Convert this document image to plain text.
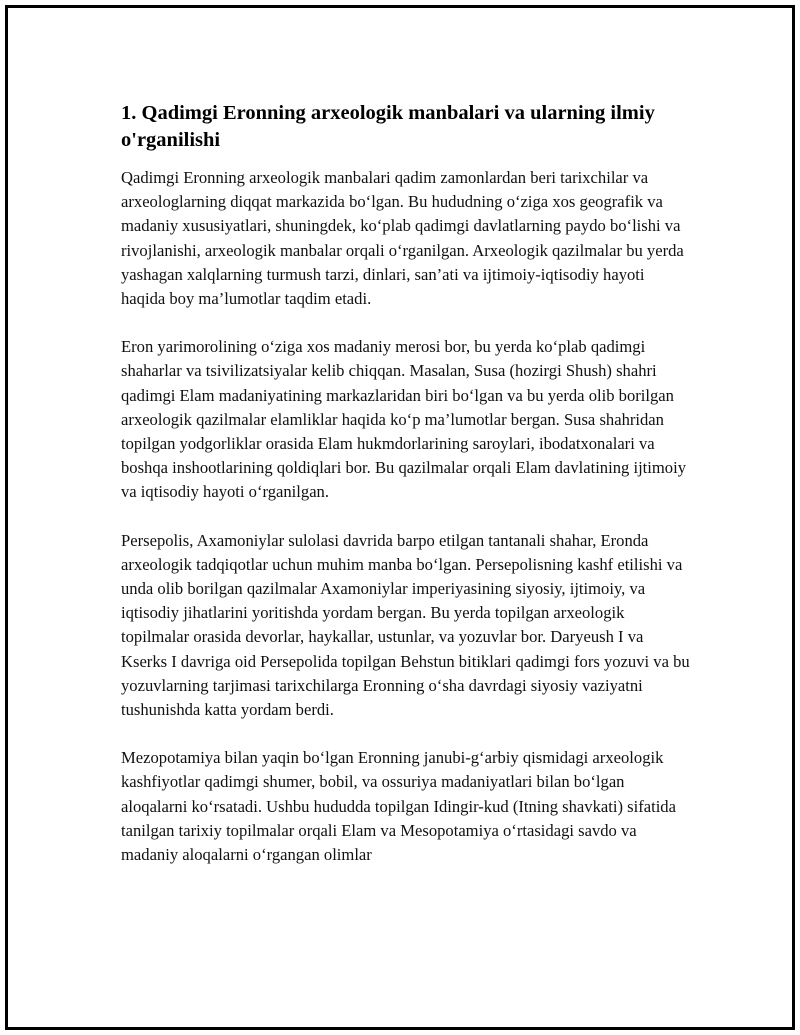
1. Qadimgi Eronning arxeologik manbalari va ularning ilmiy o'rganilishi

Qadimgi Eronning arxeologik manbalari qadim zamonlardan beri tarixchilar va arxeologlarning diqqat markazida bo‘lgan. Bu hududning o‘ziga xos geografik va madaniy xususiyatlari, shuningdek, ko‘plab qadimgi davlatlarning paydo bo‘lishi va rivojlanishi, arxeologik manbalar orqali o‘rganilgan. Arxeologik qazilmalar bu yerda yashagan xalqlarning turmush tarzi, dinlari, san’ati va ijtimoiy-iqtisodiy hayoti haqida boy ma’lumotlar taqdim etadi.

Eron yarimorolining o‘ziga xos madaniy merosi bor, bu yerda ko‘plab qadimgi shaharlar va tsivilizatsiyalar kelib chiqqan. Masalan, Susa (hozirgi Shush) shahri qadimgi Elam madaniyatining markazlaridan biri bo‘lgan va bu yerda olib borilgan arxeologik qazilmalar elamliklar haqida ko‘p ma’lumotlar bergan. Susa shahridan topilgan yodgorliklar orasida Elam hukmdorlarining saroylari, ibodatxonalari va boshqa inshootlarining qoldiqlari bor. Bu qazilmalar orqali Elam davlatining ijtimoiy va iqtisodiy hayoti o‘rganilgan.

Persepolis, Axamoniylar sulolasi davrida barpo etilgan tantanali shahar, Eronda arxeologik tadqiqotlar uchun muhim manba bo‘lgan. Persepolisning kashf etilishi va unda olib borilgan qazilmalar Axamoniylar imperiyasining siyosiy, ijtimoiy, va iqtisodiy jihatlarini yoritishda yordam bergan. Bu yerda topilgan arxeologik topilmalar orasida devorlar, haykallar, ustunlar, va yozuvlar bor. Daryeush I va Kserks I davriga oid Persepolida topilgan Behstun bitiklari qadimgi fors yozuvi va bu yozuvlarning tarjimasi tarixchilarga Eronning o‘sha davrdagi siyosiy vaziyatni tushunishda katta yordam berdi.

Mezopotamiya bilan yaqin bo‘lgan Eronning janubi-g‘arbiy qismidagi arxeologik kashfiyotlar qadimgi shumer, bobil, va ossuriya madaniyatlari bilan bo‘lgan aloqalarni ko‘rsatadi. Ushbu hududda topilgan Idingir-kud (Itning shavkati) sifatida tanilgan tarixiy topilmalar orqali Elam va Mesopotamiya o‘rtasidagi savdo va madaniy aloqalarni o‘rgangan olimlar
